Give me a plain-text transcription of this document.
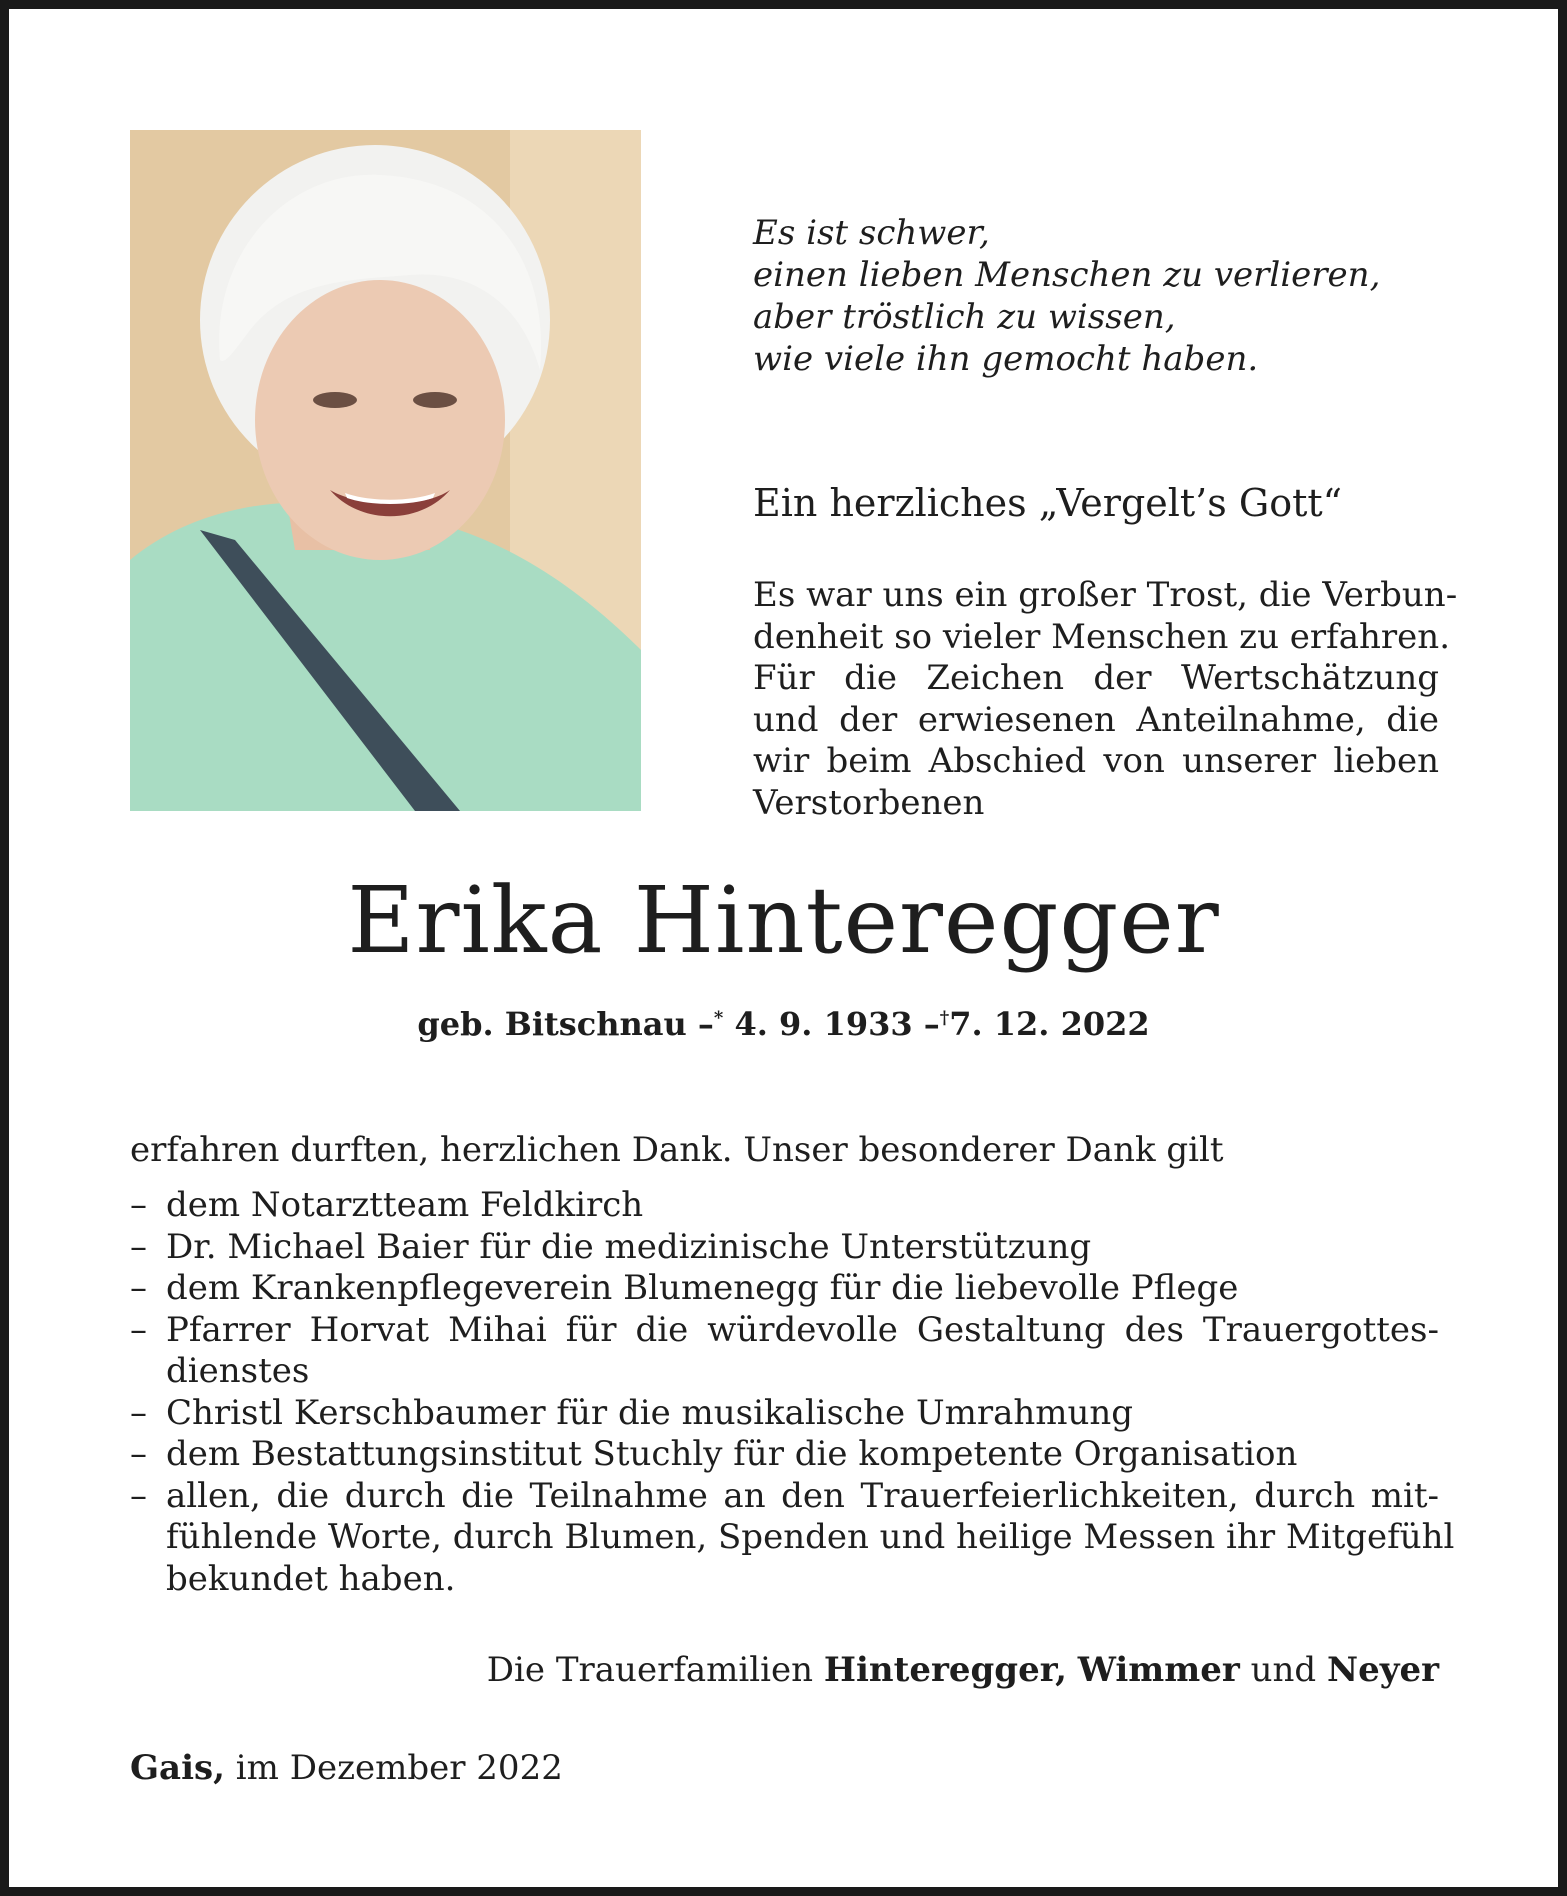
Es ist schwer,
einen lieben Menschen zu verlieren,
aber tröstlich zu wissen,
wie viele ihn gemocht haben.
Ein herzliches „Vergelt’s Gott“
Es war uns ein großer Trost, die Verbun-
denheit so vieler Menschen zu erfahren.
Für die Zeichen der Wertschätzung
und der erwiesenen Anteilnahme, die
wir beim Abschied von unserer lieben
Verstorbenen
Erika Hinteregger
geb. Bitschnau –* 4. 9. 1933 –†7. 12. 2022
erfahren durften, herzlichen Dank. Unser besonderer Dank gilt
– dem Notarztteam Feldkirch
– Dr. Michael Baier für die medizinische Unterstützung
– dem Krankenpflegeverein Blumenegg für die liebevolle Pflege
– Pfarrer Horvat Mihai für die würdevolle Gestaltung des Trauergottes-
dienstes
– Christl Kerschbaumer für die musikalische Umrahmung
– dem Bestattungsinstitut Stuchly für die kompetente Organisation
– allen, die durch die Teilnahme an den Trauerfeierlichkeiten, durch mit-
fühlende Worte, durch Blumen, Spenden und heilige Messen ihr Mitgefühl
bekundet haben.
Die Trauerfamilien Hinteregger, Wimmer und Neyer
Gais, im Dezember 2022
